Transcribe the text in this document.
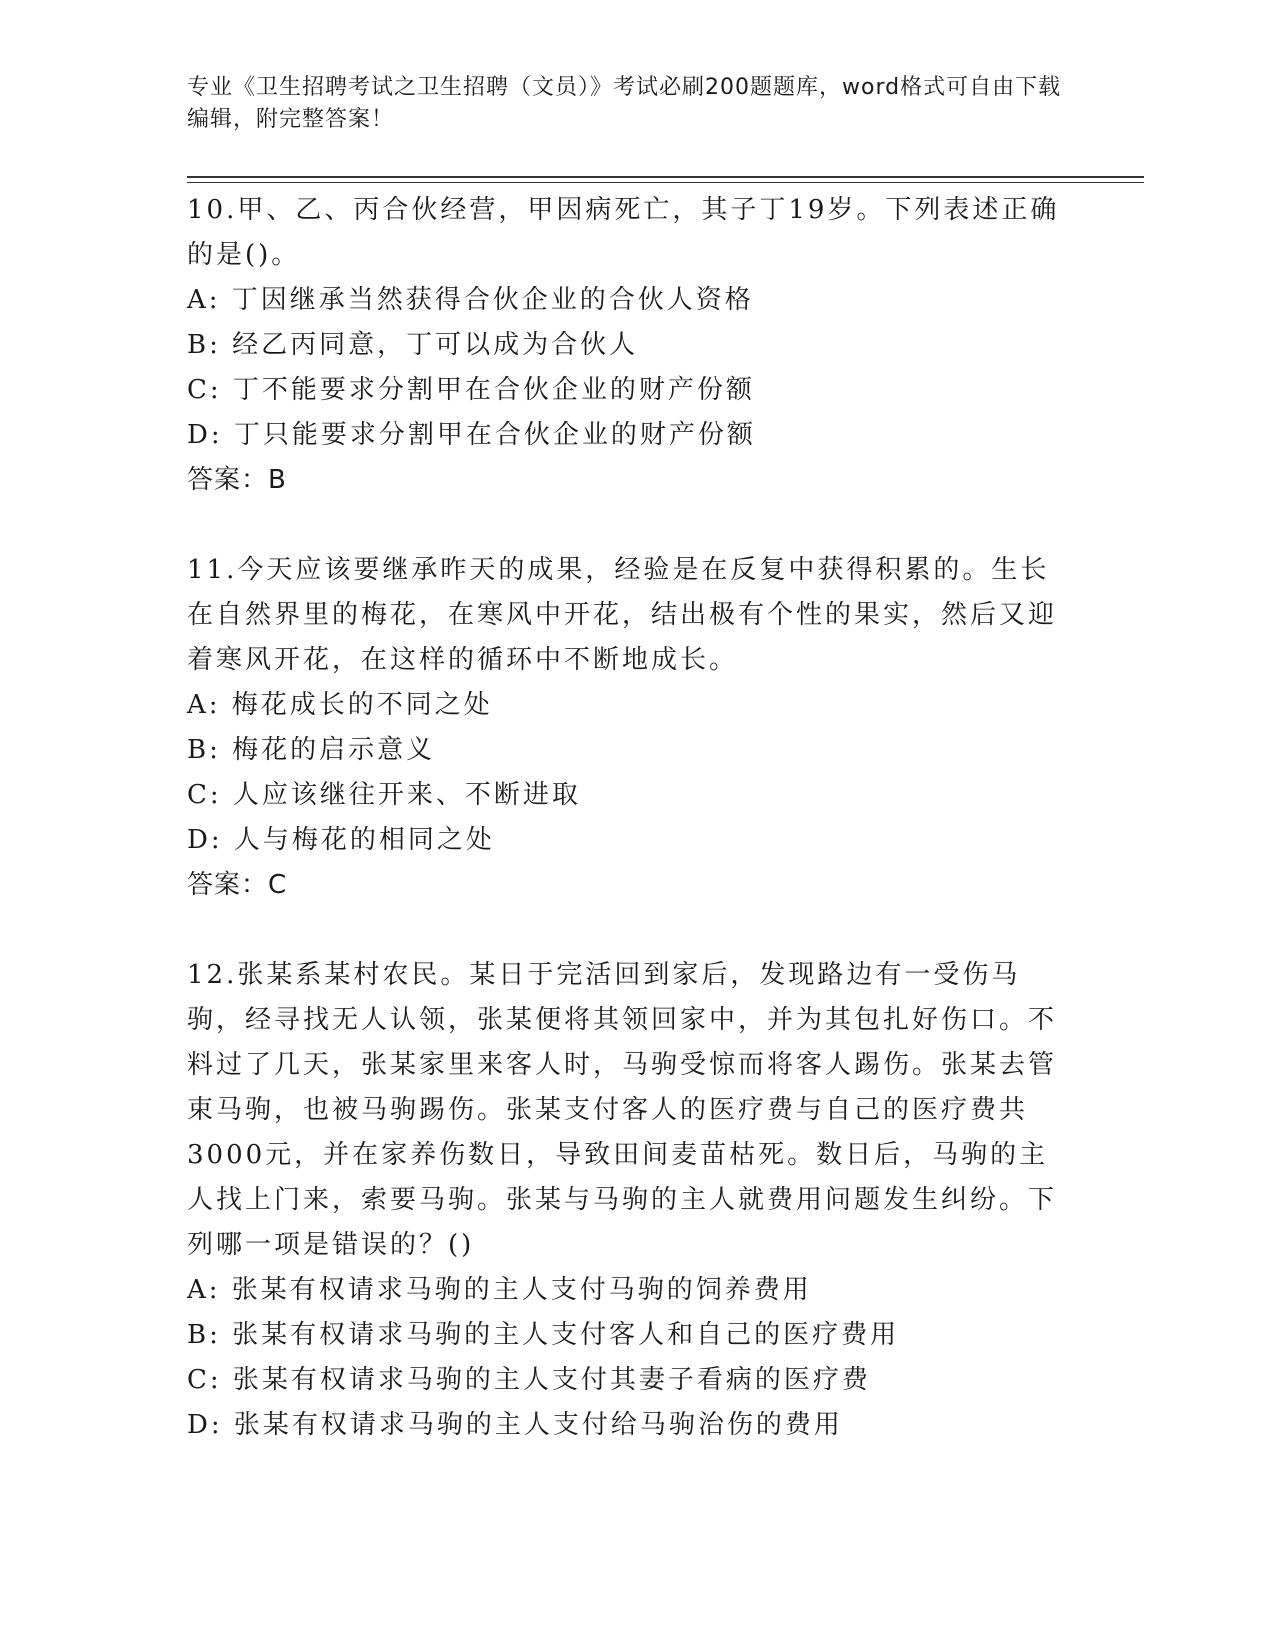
专业《卫生招聘考试之卫生招聘（文员）》考试必刷200题题库，word格式可自由下载编辑，附完整答案！

10.甲、乙、丙合伙经营，甲因病死亡，其子丁19岁。下列表述正确的是()。

A: 丁因继承当然获得合伙企业的合伙人资格

B: 经乙丙同意，丁可以成为合伙人

C: 丁不能要求分割甲在合伙企业的财产份额

D: 丁只能要求分割甲在合伙企业的财产份额

答案：B

11.今天应该要继承昨天的成果，经验是在反复中获得积累的。生长在自然界里的梅花，在寒风中开花，结出极有个性的果实，然后又迎着寒风开花，在这样的循环中不断地成长。

A: 梅花成长的不同之处

B: 梅花的启示意义

C: 人应该继往开来、不断进取

D: 人与梅花的相同之处

答案：C

12.张某系某村农民。某日于完活回到家后，发现路边有一受伤马驹，经寻找无人认领，张某便将其领回家中，并为其包扎好伤口。不料过了几天，张某家里来客人时，马驹受惊而将客人踢伤。张某去管束马驹，也被马驹踢伤。张某支付客人的医疗费与自己的医疗费共3000元，并在家养伤数日，导致田间麦苗枯死。数日后，马驹的主人找上门来，索要马驹。张某与马驹的主人就费用问题发生纠纷。下列哪一项是错误的？()

A: 张某有权请求马驹的主人支付马驹的饲养费用

B: 张某有权请求马驹的主人支付客人和自己的医疗费用

C: 张某有权请求马驹的主人支付其妻子看病的医疗费

D: 张某有权请求马驹的主人支付给马驹治伤的费用
